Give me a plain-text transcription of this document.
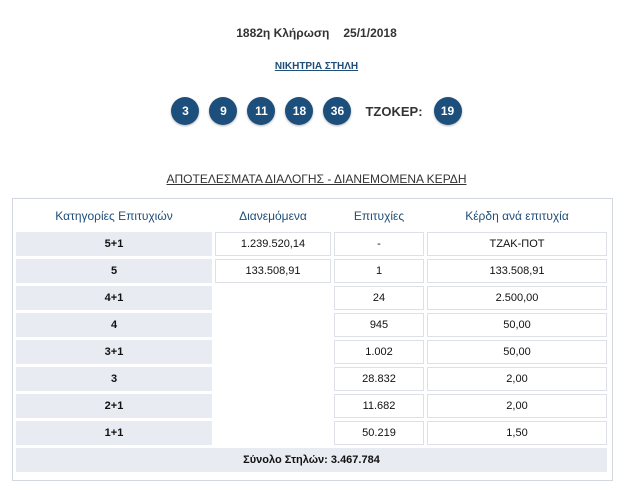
1882η Κλήρωση 25/1/2018
ΝΙΚΗΤΡΙΑ ΣΤΗΛΗ
3	9	11	18	36	ΤΖΟΚΕΡ:	19
ΑΠΟΤΕΛΕΣΜΑΤΑ ΔΙΑΛΟΓΗΣ - ΔΙΑΝΕΜΟΜΕΝΑ ΚΕΡΔΗ
Κατηγορίες Επιτυχιών	Διανεμόμενα	Επιτυχίες	Κέρδη ανά επιτυχία
5+1	1.239.520,14	-	ΤΖΑΚ-ΠΟΤ
5	133.508,91	1	133.508,91
4+1		24	2.500,00
4		945	50,00
3+1		1.002	50,00
3		28.832	2,00
2+1		11.682	2,00
1+1		50.219	1,50
Σύνολο Στηλών: 3.467.784			
